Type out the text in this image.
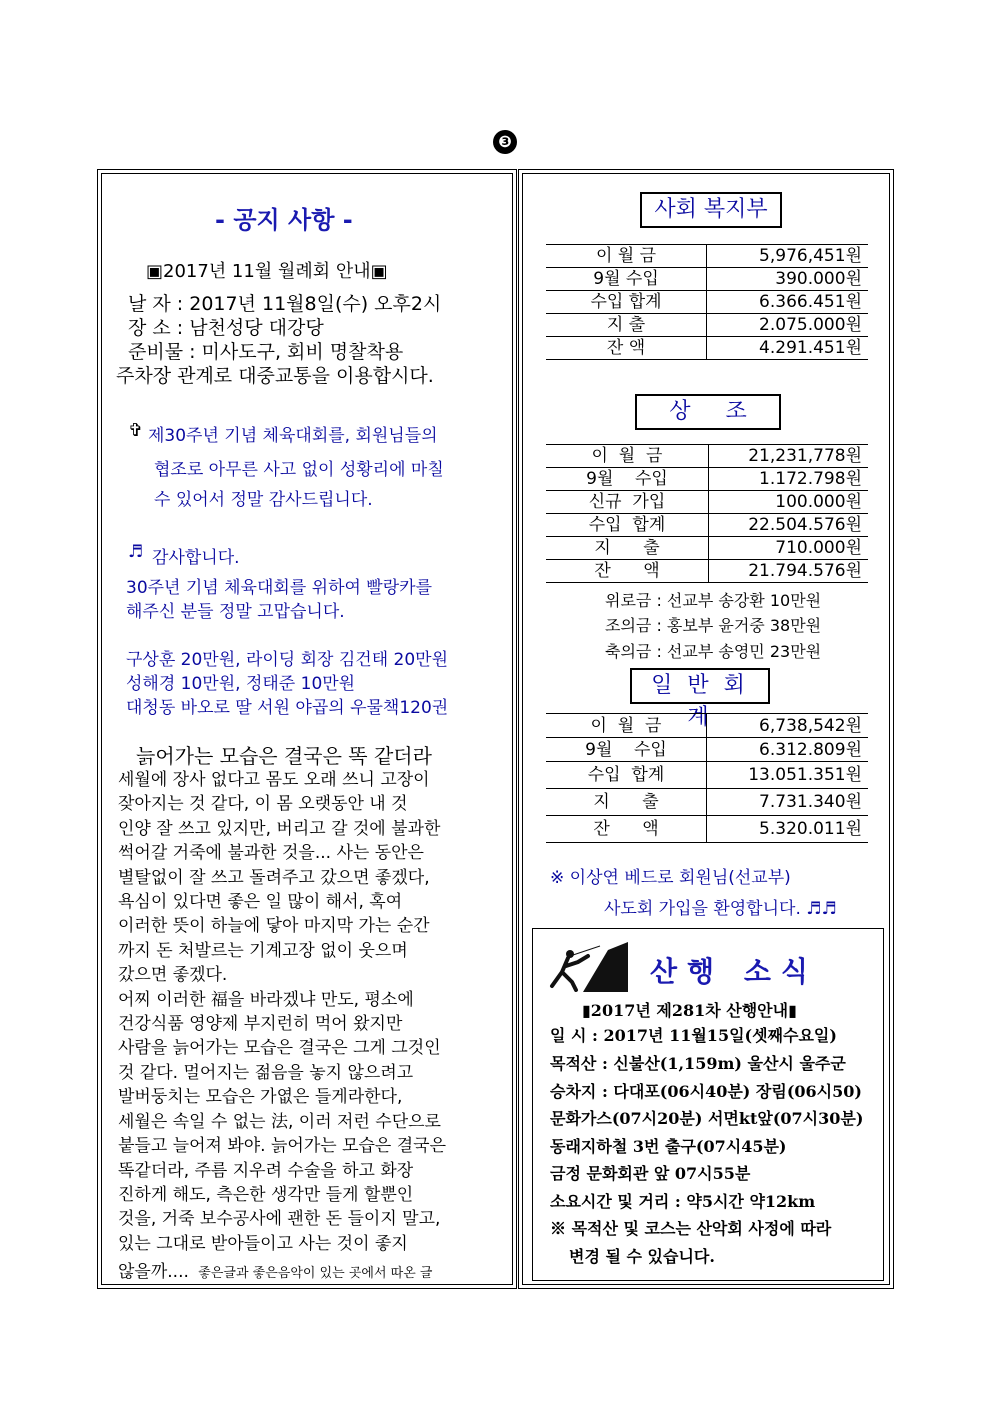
❸
- 공지 사항 -
▣2017년 11월 월례회 안내▣
날 자 : 2017년 11월8일(수) 오후2시
장 소 : 남천성당 대강당
준비물 : 미사도구, 회비 명찰착용
주차장 관계로 대중교통을 이용합시다.
✞ 제30주년 기념 체육대회를, 회원님들의
협조로 아무른 사고 없이 성황리에 마칠
수 있어서 정말 감사드립니다.
♬ 감사합니다.
30주년 기념 체육대회를 위하여 빨랑카를
해주신 분들 정말 고맙습니다.
구상훈 20만원, 라이딩 회장 김건태 20만원
성해경 10만원, 정태준 10만원
대청동 바오로 딸 서원 야곱의 우물책120권
늙어가는 모습은 결국은 똑 같더라
세월에 장사 없다고 몸도 오래 쓰니 고장이
잦아지는 것 같다, 이 몸 오랫동안 내 것
인양 잘 쓰고 있지만, 버리고 갈 것에 불과한
썩어갈 거죽에 불과한 것을... 사는 동안은
별탈없이 잘 쓰고 돌려주고 갔으면 좋겠다,
욕심이 있다면 좋은 일 많이 해서, 혹여
이러한 뜻이 하늘에 닿아 마지막 가는 순간
까지 돈 처발르는 기계고장 없이 웃으며
갔으면 좋겠다.
어찌 이러한 福을 바라겠냐 만도, 평소에
건강식품 영양제 부지런히 먹어 왔지만
사람을 늙어가는 모습은 결국은 그게 그것인
것 같다. 멀어지는 젊음을 놓지 않으려고
발버둥치는 모습은 가엾은 들게라한다,
세월은 속일 수 없는 法, 이러 저런 수단으로
붙들고 늘어져 봐야. 늙어가는 모습은 결국은
똑같더라, 주름 지우려 수술을 하고 화장
진하게 해도, 측은한 생각만 들게 할뿐인
것을, 거죽 보수공사에 괜한 돈 들이지 말고,
있는 그대로 받아들이고 사는 것이 좋지
않을까.... 좋은글과 좋은음악이 있는 곳에서 따온 글
사회 복지부
이 월 금	5,976,451원
9월 수입	390.000원
수입 합계	6.366.451원
지 출	2.075.000원
잔 액	4.291.451원
상     조
이  월  금	21,231,778원
9월    수입	1.172.798원
신규  가입	100.000원
수입  합계	22.504.576원
지      출	710.000원
잔      액	21.794.576원
위로금 : 선교부 송강환 10만원
조의금 : 홍보부 윤거중 38만원
축의금 : 선교부 송영민 23만원
일 반 회 계
이  월  금	6,738,542원
9월    수입	6.312.809원
수입  합계	13.051.351원
지      출	7.731.340원
잔      액	5.320.011원
※ 이상연 베드로 회원님(선교부)
사도회 가입을 환영합니다. ♬♬
산행 소식
▮2017년 제281차 산행안내▮
일 시 : 2017년 11월15일(셋째수요일)
목적산 : 신불산(1,159m) 울산시 울주군
승차지 : 다대포(06시40분) 장림(06시50)
문화가스(07시20분) 서면kt앞(07시30분)
동래지하철 3번 출구(07시45분)
금정 문화회관 앞 07시55분
소요시간 및 거리 : 약5시간 약12km
※ 목적산 및 코스는 산악회 사정에 따라
변경 될 수 있습니다.
